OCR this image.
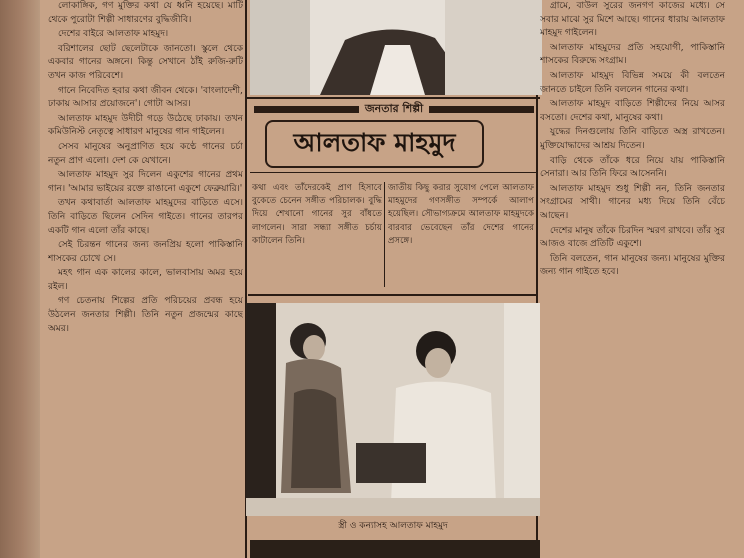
লোকাঙ্গিক, গণ মুক্তির কথা যে ধ্বনি হয়েছে। মাটি থেকে পুরোটা শিল্পী সাধারণের বুদ্ধিজীবি।

দেশের বাইরে আলতাফ মাহমুদ।

বরিশালের ছোট ছেলেটাকে জানতো। স্কুলে থেকে একবার গানের অঙ্গনে। কিন্তু সেখানে ঠাঁই রুজি-রুটি তখন কাজ পরিবেশে।

গানে নিবেদিত হবার কথা জীবন থেকে। 'বাংলাদেশী, ঢাকায় আসার প্রয়োজনে'। গোটা আসর।

আলতাফ মাহমুদ উদীচী গড়ে উঠেছে ঢাকায়। তখন কমিউনিস্ট নেতৃত্বে সাধারণ মানুষের গান গাইলেন।

সেসব মানুষের অনুপ্রাণিত হয়ে কণ্ঠে গানের চর্চা নতুন প্রাণ এলো। দেশ কে যেখানে।

আলতাফ মাহমুদ সুর দিলেন একুশের গানের প্রথম গান। 'আমার ভাইয়ের রক্তে রাঙানো একুশে ফেব্রুয়ারি।'

তখন কথাবার্তা আলতাফ মাহমুদের বাড়িতে এসে। তিনি বাড়িতে ছিলেন সেদিন গাইতে। গানের তারপর একটি গান এলো তাঁর কাছে।

সেই চিরন্তন গানের জন্য জনপ্রিয় হলো পাকিস্তানি শাসকের চোখে সে।

মহৎ গান এক কালের কালে, ভালবাসায় অমর হয়ে রইল।

গণ চেতনায় শিল্পের প্রতি পরিচয়ের প্রবন্ধ হয়ে উঠলেন জনতার শিল্পী। তিনি নতুন প্রজন্মের কাছে অমর।

জনতার শিল্পী
আলতাফ মাহমুদ
কথা এবং তাঁদেরকেই প্রাণ হিসাবে বুকেতে চেনেন সঙ্গীত পরিচালক। বুদ্ধি দিয়ে শেখানো গানের সুর বাঁধতে লাগলেন। সারা সন্ধ্যা সঙ্গীত চর্চায় কাটালেন তিনি।
জাতীয় কিছু করার সুযোগ পেলে আলতাফ মাহমুদের গণসঙ্গীত সম্পর্কে আলাপ হয়েছিল। সৌভাগ্যক্রমে আলতাফ মাহমুদকে বারবার ভেবেছেন তাঁর দেশের গানের প্রসঙ্গে।
স্ত্রী ও কন্যাসহ আলতাফ মাহমুদ

গ্রামে, বাউল সুরের জনগণ কাজের মধ্যে। সে সবার মাঝে সুর মিশে আছে। গানের ধারায় আলতাফ মাহমুদ গাইলেন।

আলতাফ মাহমুদের প্রতি সহযোগী, পাকিস্তানি শাসকের বিরুদ্ধে সংগ্রাম।

আলতাফ মাহমুদ বিভিন্ন সময়ে কী বলতেন জানতে চাইলে তিনি বললেন গানের কথা।

আলতাফ মাহমুদ বাড়িতে শিল্পীদের নিয়ে আসর বসতো। দেশের কথা, মানুষের কথা।

যুদ্ধের দিনগুলোয় তিনি বাড়িতে অস্ত্র রাখতেন। মুক্তিযোদ্ধাদের আশ্রয় দিতেন।

বাড়ি থেকে তাঁকে ধরে নিয়ে যায় পাকিস্তানি সেনারা। আর তিনি ফিরে আসেননি।

আলতাফ মাহমুদ শুধু শিল্পী নন, তিনি জনতার সংগ্রামের সাথী। গানের মধ্য দিয়ে তিনি বেঁচে আছেন।

দেশের মানুষ তাঁকে চিরদিন স্মরণ রাখবে। তাঁর সুর আজও বাজে প্রতিটি একুশে।

তিনি বলতেন, গান মানুষের জন্য। মানুষের মুক্তির জন্য গান গাইতে হবে।
